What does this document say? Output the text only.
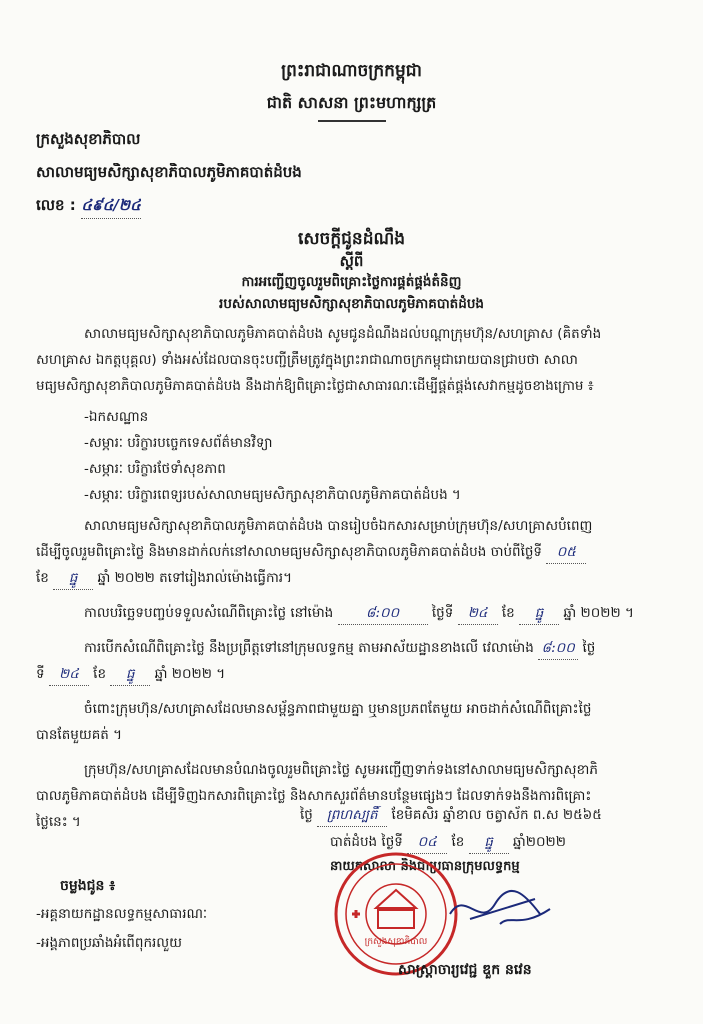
ព្រះរាជាណាចក្រកម្ពុជា
ជាតិ សាសនា ព្រះមហាក្សត្រ
ក្រសួងសុខាភិបាល
សាលាមធ្យមសិក្សាសុខាភិបាលភូមិភាគបាត់ដំបង
លេខ : ៤៩៤/២៤
សេចក្តីជូនដំណឹង
ស្តីពី
ការអញ្ជើញចូលរួមពិគ្រោះថ្លៃការផ្គត់ផ្គង់តំនិញ
របស់សាលាមធ្យមសិក្សាសុខាភិបាលភូមិភាគបាត់ដំបង
សាលាមធ្យមសិក្សាសុខាភិបាលភូមិភាគបាត់ដំបង សូមជូនដំណឹងដល់បណ្តាក្រុមហ៊ុន/សហគ្រាស (គិតទាំង
សហគ្រាស ឯកត្តបុគ្គល) ទាំងអស់ដែលបានចុះបញ្ជីត្រឹមត្រូវក្នុងព្រះរាជាណាចក្រកម្ពុជារោយបានជ្រាបថា សាលា
មធ្យមសិក្សាសុខាភិបាលភូមិភាគបាត់ដំបង នឹងដាក់ឱ្យពិគ្រោះថ្លៃជាសាធារណៈដើម្បីផ្គត់ផ្គង់សេវាកម្មដូចខាងក្រោម ៖
-ឯកសណ្ឋាន
-សម្ភារៈ បរិក្ខារបច្ចេកទេសព័ត៌មានវិទ្យា
-សម្ភារៈ បរិក្ខារថែទាំសុខភាព
-សម្ភារៈ បរិក្ខារពេទ្យរបស់សាលាមធ្យមសិក្សាសុខាភិបាលភូមិភាគបាត់ដំបង ។
សាលាមធ្យមសិក្សាសុខាភិបាលភូមិភាគបាត់ដំបង បានរៀបចំឯកសារសម្រាប់ក្រុមហ៊ុន/សហគ្រាសបំពេញ
ដើម្បីចូលរួមពិគ្រោះថ្លៃ និងមានដាក់លក់នៅសាលាមធ្យមសិក្សាសុខាភិបាលភូមិភាគបាត់ដំបង ចាប់ពីថ្ងៃទី ០៥
ខែ ធ្នូ ឆ្នាំ ២០២២ តទៅរៀងរាល់ម៉ោងធ្វើការ។
កាលបរិច្ឆេទបញ្ចប់ទទួលសំណើពិគ្រោះថ្លៃ នៅម៉ោង ៨:០០ ថ្ងៃទី ២៤ ខែ ធ្នូ ឆ្នាំ ២០២២ ។
ការបើកសំណើពិគ្រោះថ្លៃ នឹងប្រព្រឹត្តទៅនៅក្រុមលទ្ធកម្ម តាមអាស័យដ្ឋានខាងលើ វេលាម៉ោង ៨:០០ ថ្ងៃ
ទី ២៤ ខែ ធ្នូ ឆ្នាំ ២០២២ ។
ចំពោះក្រុមហ៊ុន/សហគ្រាសដែលមានសម្ព័ន្ធភាពជាមួយគ្នា ឬមានប្រភពតែមួយ អាចដាក់សំណើពិគ្រោះថ្លៃ
បានតែមួយគត់ ។
ក្រុមហ៊ុន/សហគ្រាសដែលមានបំណងចូលរួមពិគ្រោះថ្លៃ សូមអញ្ជើញទាក់ទងនៅសាលាមធ្យមសិក្សាសុខាភិ
បាលភូមិភាគបាត់ដំបង ដើម្បីទិញឯកសារពិគ្រោះថ្លៃ និងសាកសួរព័ត៌មានបន្ថែមផ្សេងៗ ដែលទាក់ទងនឹងការពិគ្រោះ
ថ្លៃនេះ ។	ថ្ងៃ ព្រហស្បតិ៍ ខែមិគសិរ ឆ្នាំខាល ចត្វាស័ក ព.ស ២៥៦៥
បាត់ដំបង ថ្ងៃទី ០៤ ខែ ធ្នូ ឆ្នាំ២០២២
នាយកសាលា និងជាប្រធានក្រុមលទ្ធកម្ម
ចម្លងជូន ៖
-អគ្គនាយកដ្ឋានលទ្ធកម្មសាធារណៈ
-អង្គភាពប្រឆាំងអំពើពុករលួយ	ក្រសួងសុខាភិបាល
សាស្ត្រាចារ្យវេជ្ជ ឌួក នវេន
